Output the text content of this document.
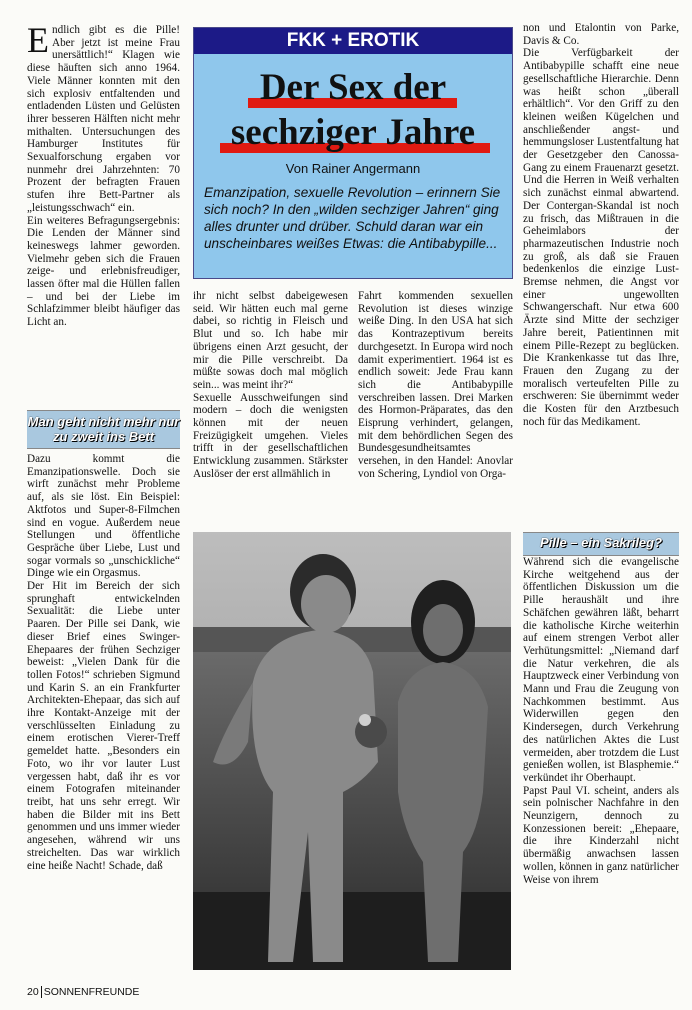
Endlich gibt es die Pille! Aber jetzt ist meine Frau unersättlich!“ Klagen wie diese häuften sich anno 1964. Viele Männer konnten mit den sich explosiv entfaltenden und entladenden Lüsten und Gelüsten ihrer besseren Hälften nicht mehr mithalten. Untersuchungen des Hamburger Institutes für Sexualforschung ergaben vor nunmehr drei Jahrzehnten: 70 Prozent der befragten Frauen stufen ihre Bett-Partner als „leistungsschwach“ ein.

Ein weiteres Befragungsergebnis: Die Lenden der Männer sind keineswegs lahmer geworden. Vielmehr geben sich die Frauen zeige- und erlebnisfreudiger, lassen öfter mal die Hüllen fallen – und bei der Liebe im Schlafzimmer bleibt häufiger das Licht an.

Man geht nicht mehr nur zu zweit ins Bett

Dazu kommt die Emanzipationswelle. Doch sie wirft zunächst mehr Probleme auf, als sie löst. Ein Beispiel: Aktfotos und Super-8-Filmchen sind en vogue. Außerdem neue Stellungen und öffentliche Gespräche über Liebe, Lust und sogar vormals so „unschickliche“ Dinge wie ein Orgasmus.

Der Hit im Bereich der sich sprunghaft entwickelnden Sexualität: die Liebe unter Paaren. Der Pille sei Dank, wie dieser Brief eines Swinger-Ehepaares der frühen Sechziger beweist: „Vielen Dank für die tollen Fotos!“ schrieben Sigmund und Karin S. an ein Frankfurter Architekten-Ehepaar, das sich auf ihre Kontakt-Anzeige mit der verschlüsselten Einladung zu einem erotischen Vierer-Treff gemeldet hatte. „Besonders ein Foto, wo ihr vor lauter Lust vergessen habt, daß ihr es vor einem Fotografen miteinander treibt, hat uns sehr erregt. Wir haben die Bilder mit ins Bett genommen und uns immer wieder angesehen, während wir uns streichelten. Das war wirklich eine heiße Nacht! Schade, daß

FKK + EROTIK
Der Sex der
sechziger Jahre
Von Rainer Angermann
Emanzipation, sexuelle Revolution – erinnern Sie sich noch? In den „wilden sechziger Jahren“ ging alles drunter und drüber. Schuld daran war ein unscheinbares weißes Etwas: die Antibabypille...

ihr nicht selbst dabeigewesen seid. Wir hätten euch mal gerne dabei, so richtig in Fleisch und Blut und so. Ich habe mir übrigens einen Arzt gesucht, der mir die Pille verschreibt. Da müßte sowas doch mal möglich sein... was meint ihr?“

Sexuelle Ausschweifungen sind modern – doch die wenigsten können mit der neuen Freizügigkeit umgehen. Vieles trifft in der gesellschaftlichen Entwicklung zusammen. Stärkster Auslöser der erst allmählich in

Fahrt kommenden sexuellen Revolution ist dieses winzige weiße Ding. In den USA hat sich das Kontrazeptivum bereits durchgesetzt. In Europa wird noch damit experimentiert. 1964 ist es endlich soweit: Jede Frau kann sich die Antibabypille verschreiben lassen. Drei Marken des Hormon-Präparates, das den Eisprung verhindert, gelangen, mit dem behördlichen Segen des Bundesgesundheitsamtes versehen, in den Handel: Anovlar von Schering, Lyndiol von Orga-

non und Etalontin von Parke, Davis & Co.

Die Verfügbarkeit der Antibabypille schafft eine neue gesellschaftliche Hierarchie. Denn was heißt schon „überall erhältlich“. Vor den Griff zu den kleinen weißen Kügelchen und anschließender angst- und hemmungsloser Lustentfaltung hat der Gesetzgeber den Canossa-Gang zu einem Frauenarzt gesetzt. Und die Herren in Weiß verhalten sich zunächst einmal abwartend. Der Contergan-Skandal ist noch zu frisch, das Mißtrauen in die Geheimlabors der pharmazeutischen Industrie noch zu groß, als daß sie Frauen bedenkenlos die einzige Lust-Bremse nehmen, die Angst vor einer ungewollten Schwangerschaft. Nur etwa 600 Ärzte sind Mitte der sechziger Jahre bereit, Patientinnen mit einem Pille-Rezept zu beglücken. Die Krankenkasse tut das Ihre, Frauen den Zugang zu der moralisch verteufelten Pille zu erschweren: Sie übernimmt weder die Kosten für den Arztbesuch noch für das Medikament.

Pille – ein Sakrileg?

Während sich die evangelische Kirche weitgehend aus der öffentlichen Diskussion um die Pille heraushält und ihre Schäfchen gewähren läßt, beharrt die katholische Kirche weiterhin auf einem strengen Verbot aller Verhütungsmittel: „Niemand darf die Natur verkehren, die als Hauptzweck einer Verbindung von Mann und Frau die Zeugung von Nachkommen bestimmt. Aus Widerwillen gegen den Kindersegen, durch Verkehrung des natürlichen Aktes die Lust vermeiden, aber trotzdem die Lust genießen wollen, ist Blasphemie.“ verkündet ihr Oberhaupt.

Papst Paul VI. scheint, anders als sein polnischer Nachfahre in den Neunzigern, dennoch zu Konzessionen bereit: „Ehepaare, die ihre Kinderzahl nicht übermäßig anwachsen lassen wollen, können in ganz natürlicher Weise von ihrem

20 SONNENFREUNDE
